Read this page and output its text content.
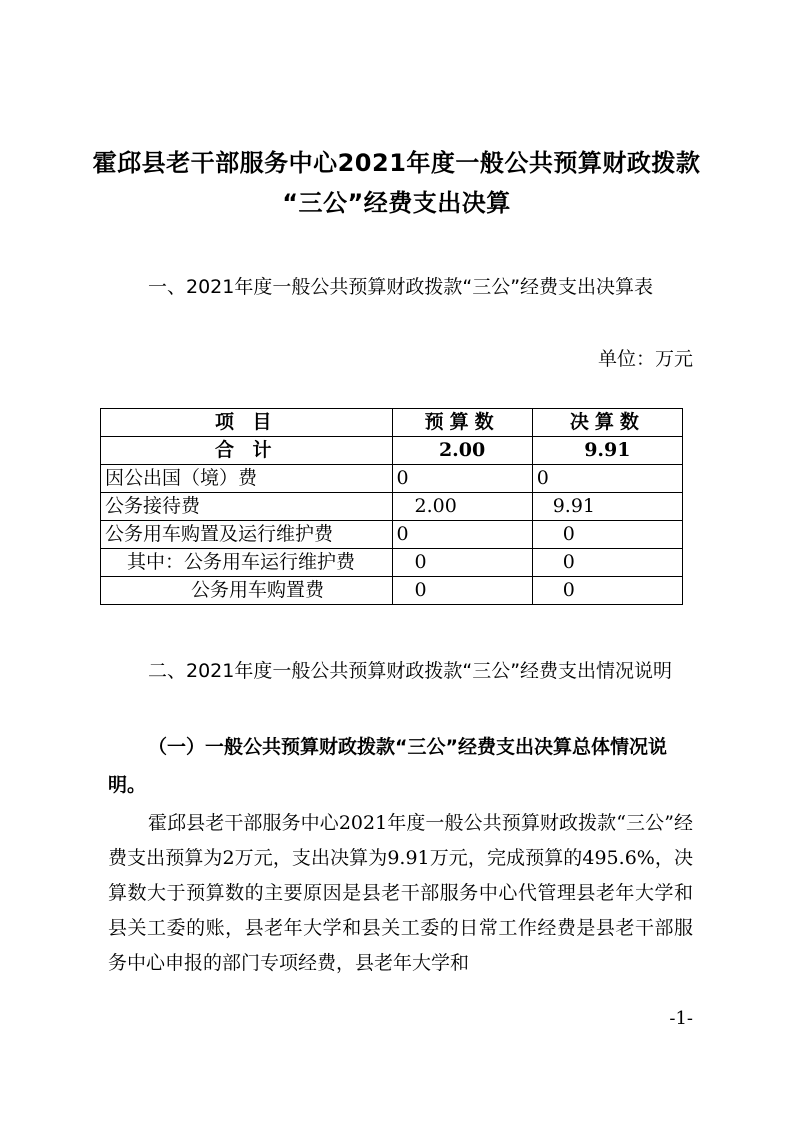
霍邱县老干部服务中心2021年度一般公共预算财政拨款
“三公”经费支出决算
一、2021年度一般公共预算财政拨款“三公”经费支出决算表
单位：万元
项 目	预算数	决算数
合 计	2.00	9.91
因公出国（境）费	0	0
公务接待费	2.00	9.91
公务用车购置及运行维护费	0	0
其中：公务用车运行维护费	0	0
公务用车购置费	0	0
二、2021年度一般公共预算财政拨款“三公”经费支出情况说明
（一）一般公共预算财政拨款“三公”经费支出决算总体情况说明。
霍邱县老干部服务中心2021年度一般公共预算财政拨款“三公”经费支出预算为2万元，支出决算为9.91万元，完成预算的495.6%，决算数大于预算数的主要原因是县老干部服务中心代管理县老年大学和县关工委的账，县老年大学和县关工委的日常工作经费是县老干部服务中心申报的部门专项经费，县老年大学和
-1-
